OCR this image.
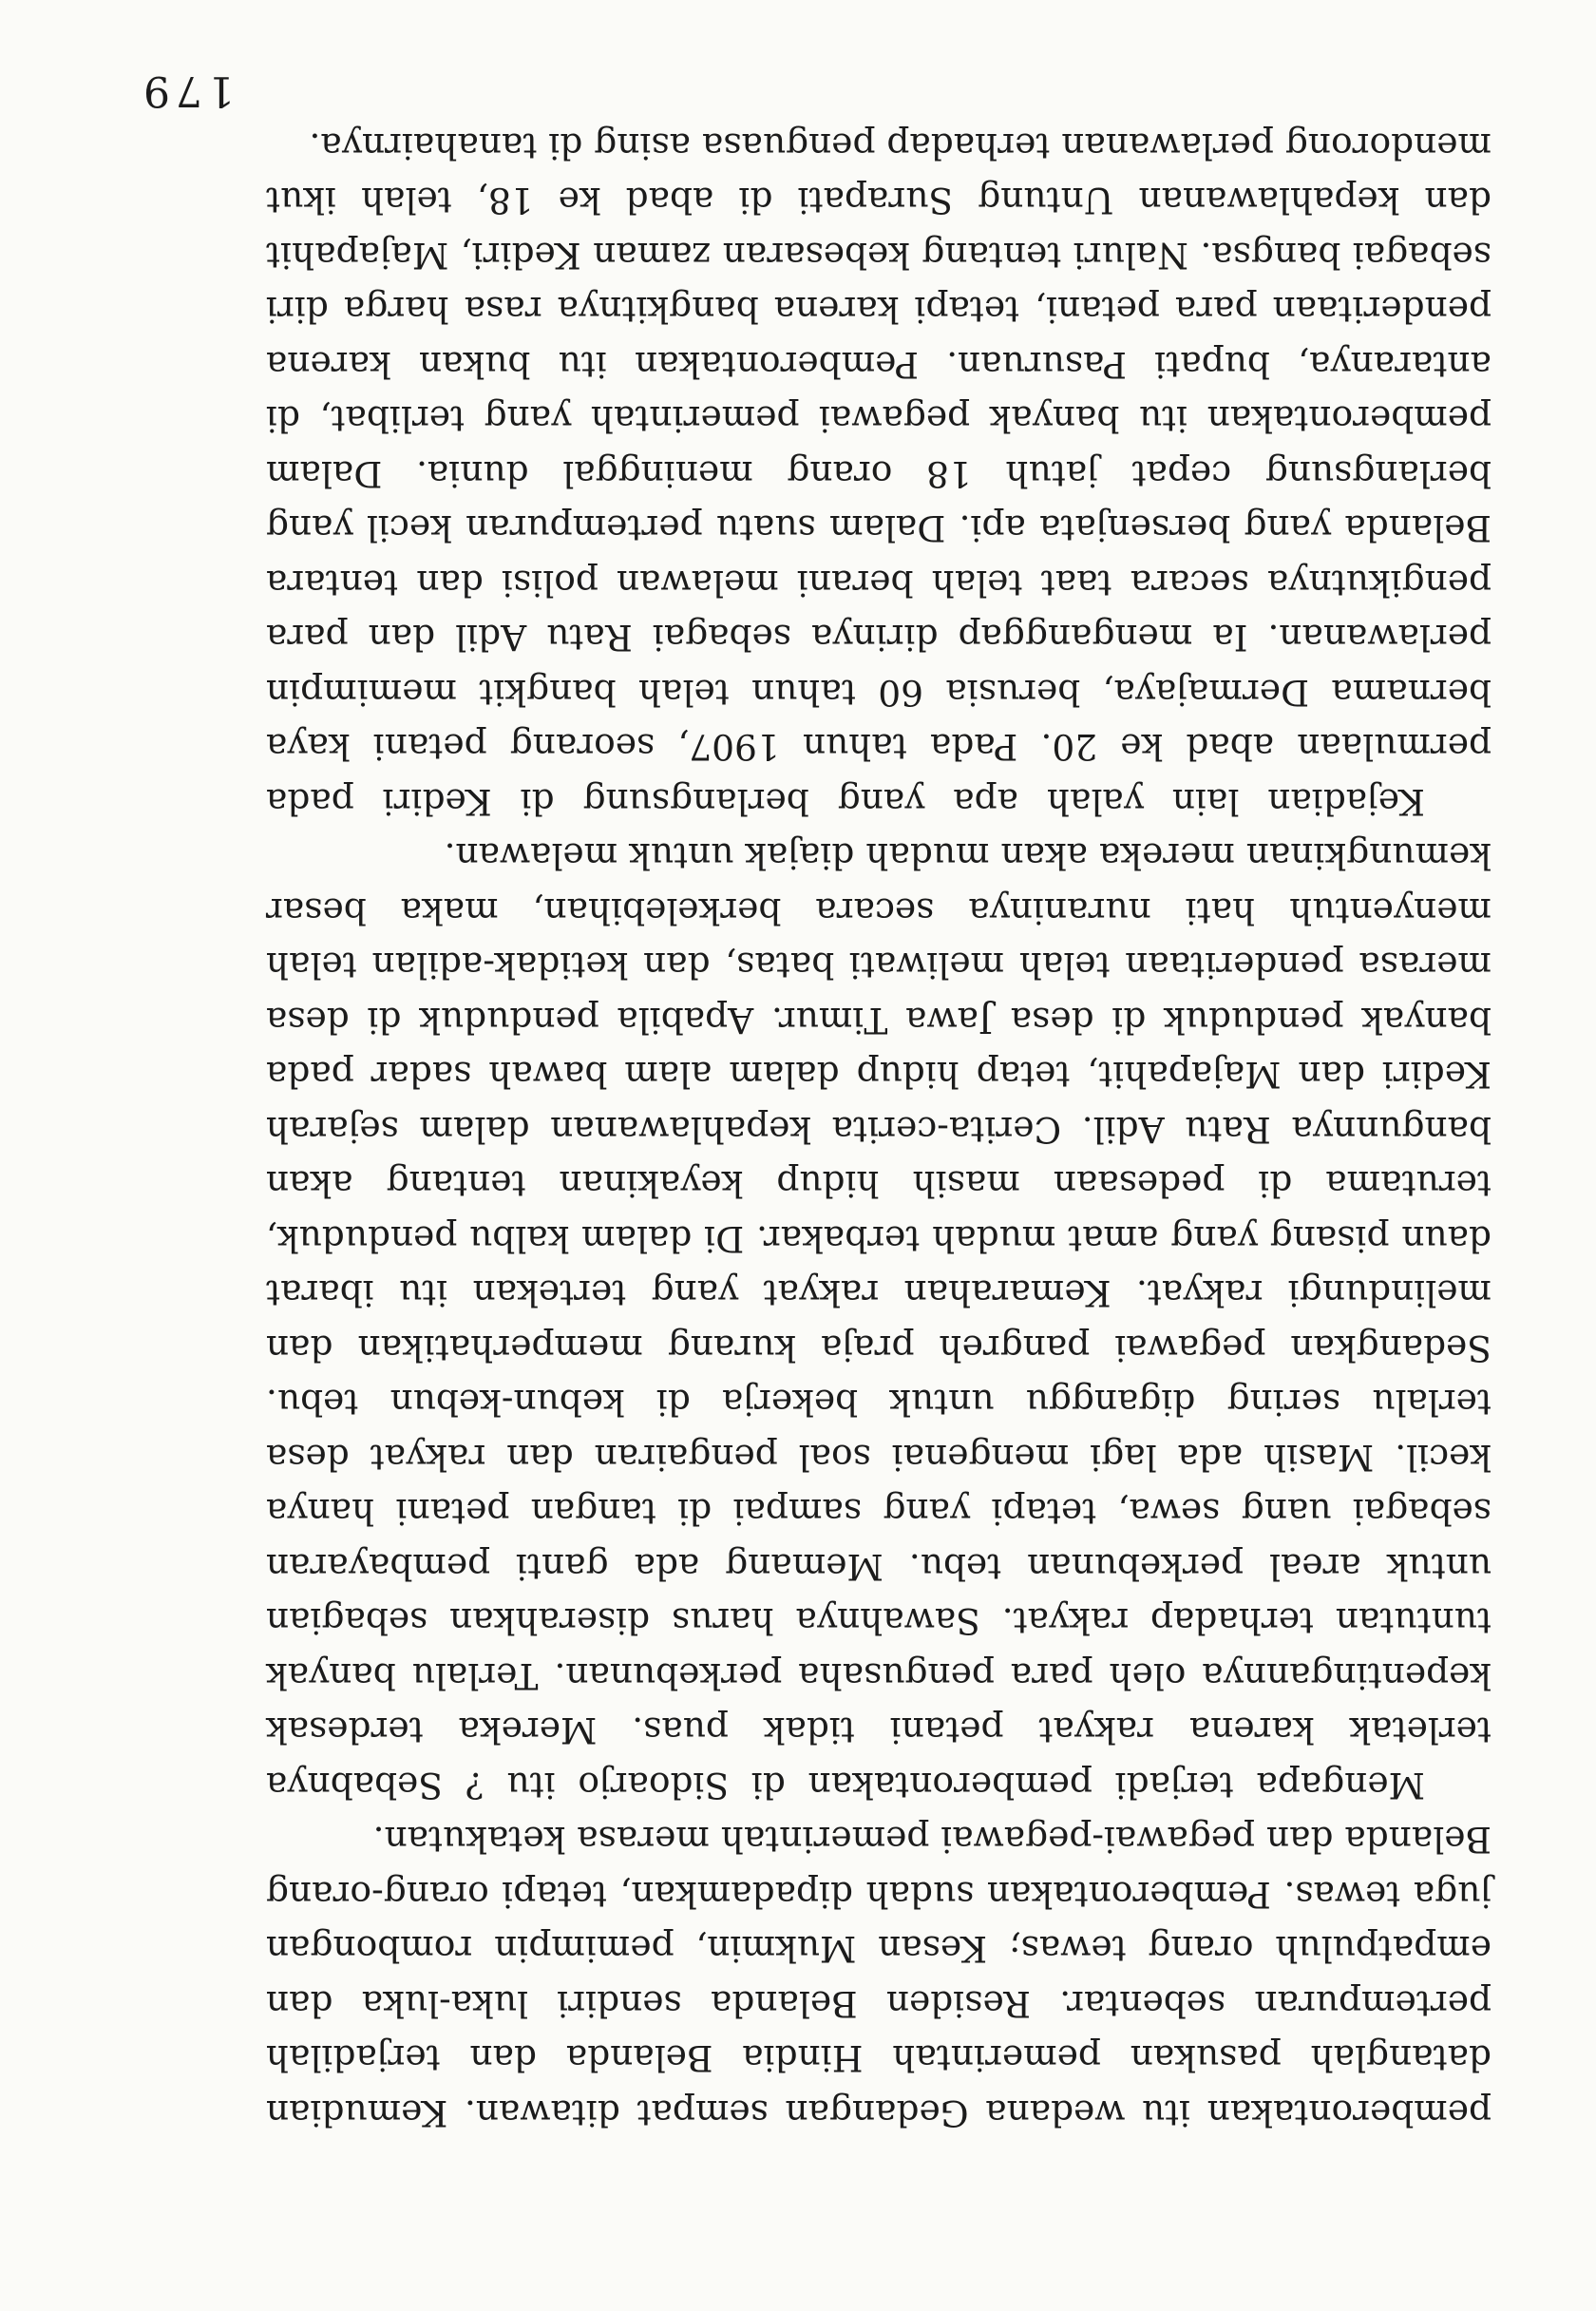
pemberontakan itu wedana Gedangan sempat ditawan. Kemudian datanglah pasukan pemerintah Hindia Belanda dan terjadilah pertempuran sebentar. Residen Belanda sendiri luka-luka dan empatpuluh orang tewas; Kesan Mukmin, pemimpin rombongan juga tewas. Pemberontakan sudah dipadamkan, tetapi orang-orang Belanda dan pegawai-pegawai pemerintah merasa ketakutan.

Mengapa terjadi pemberontakan di Sidoarjo itu ? Sebabnya terletak karena rakyat petani tidak puas. Mereka terdesak kepentingannya oleh para pengusaha perkebunan. Terlalu banyak tuntutan terhadap rakyat. Sawahnya harus diserahkan sebagian untuk areal perkebunan tebu. Memang ada ganti pembayaran sebagai uang sewa, tetapi yang sampai di tangan petani hanya kecil. Masih ada lagi mengenai soal pengairan dan rakyat desa terlalu sering diganggu untuk bekerja di kebun-kebun tebu. Sedangkan pegawai pangreh praja kurang memperhatikan dan melindungi rakyat. Kemarahan rakyat yang tertekan itu ibarat daun pisang yang amat mudah terbakar. Di dalam kalbu penduduk, terutama di pedesaan masih hidup keyakinan tentang akan bangunnya Ratu Adil. Cerita-cerita kepahlawanan dalam sejarah Kediri dan Majapahit, tetap hidup dalam alam bawah sadar pada banyak penduduk di desa Jawa Timur. Apabila penduduk di desa merasa penderitaan telah meliwati batas, dan ketidak-adilan telah menyentuh hati nuraninya secara berkelebihan, maka besar kemungkinan mereka akan mudah diajak untuk melawan.

Kejadian lain yalah apa yang berlangsung di Kediri pada permulaan abad ke 20. Pada tahun 1907, seorang petani kaya bernama Dermajaya, berusia 60 tahun telah bangkit memimpin perlawanan. Ia menganggap dirinya sebagai Ratu Adil dan para pengikutnya secara taat telah berani melawan polisi dan tentara Belanda yang bersenjata api. Dalam suatu pertempuran kecil yang berlangsung cepat jatuh 18 orang meninggal dunia. Dalam pemberontakan itu banyak pegawai pemerintah yang terlibat, di antaranya, bupati Pasuruan. Pemberontakan itu bukan karena penderitaan para petani, tetapi karena bangkitnya rasa harga diri sebagai bangsa. Naluri tentang kebesaran zaman Kediri, Majapahit dan kepahlawanan Untung Surapati di abad ke 18, telah ikut mendorong perlawanan terhadap penguasa asing di tanahairnya.

179
